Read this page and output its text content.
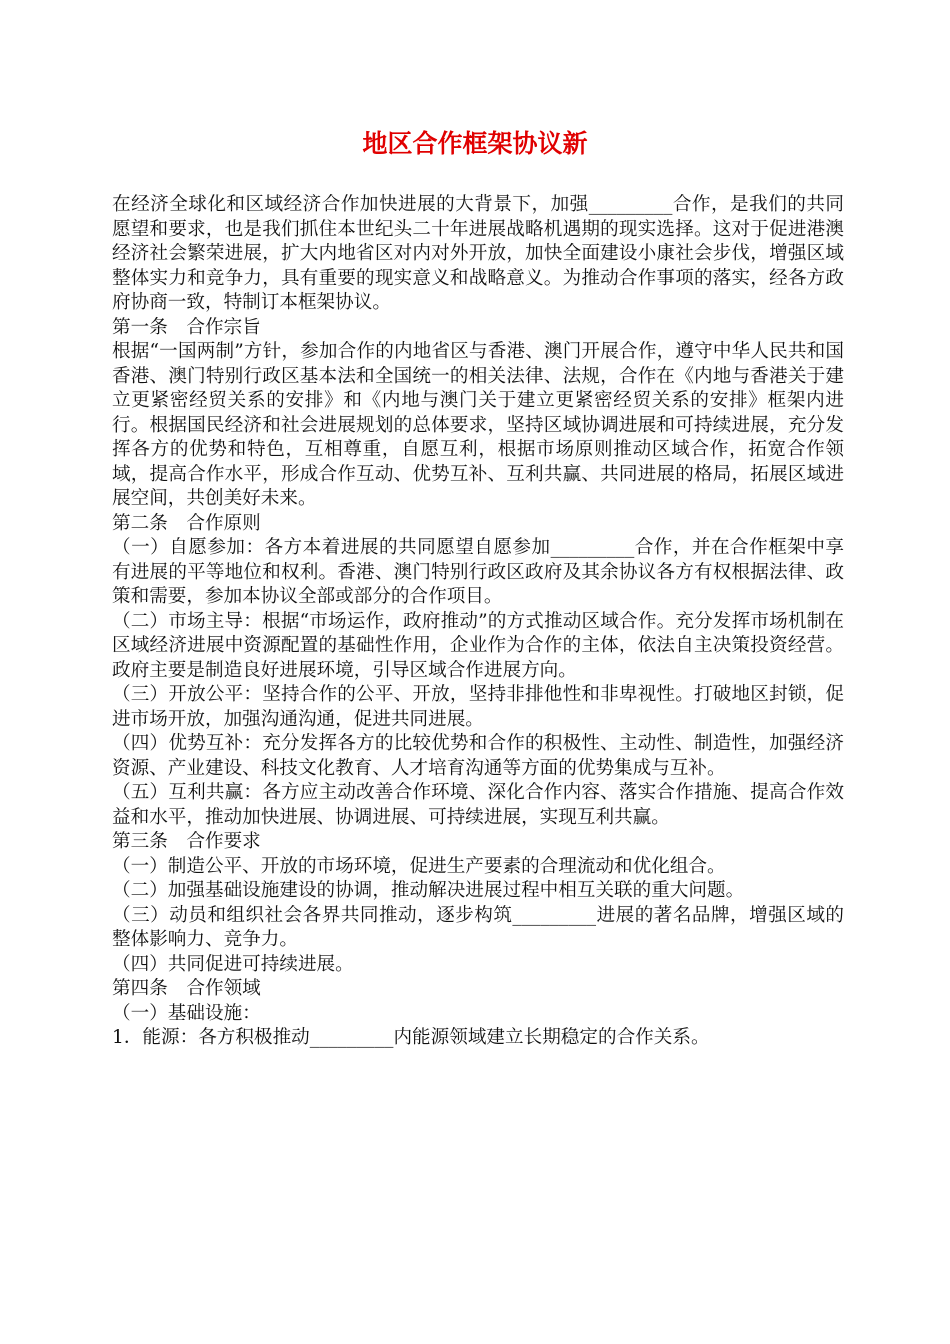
地区合作框架协议新

在经济全球化和区域经济合作加快进展的大背景下，加强_________合作，是我们的共同愿望和要求，也是我们抓住本世纪头二十年进展战略机遇期的现实选择。这对于促进港澳经济社会繁荣进展，扩大内地省区对内对外开放，加快全面建设小康社会步伐，增强区域整体实力和竞争力，具有重要的现实意义和战略意义。为推动合作事项的落实，经各方政府协商一致，特制订本框架协议。

第一条　合作宗旨

根据“一国两制”方针，参加合作的内地省区与香港、澳门开展合作，遵守中华人民共和国香港、澳门特别行政区基本法和全国统一的相关法律、法规，合作在《内地与香港关于建立更紧密经贸关系的安排》和《内地与澳门关于建立更紧密经贸关系的安排》框架内进行。根据国民经济和社会进展规划的总体要求，坚持区域协调进展和可持续进展，充分发挥各方的优势和特色，互相尊重，自愿互利，根据市场原则推动区域合作，拓宽合作领域，提高合作水平，形成合作互动、优势互补、互利共赢、共同进展的格局，拓展区域进展空间，共创美好未来。

第二条　合作原则

（一）自愿参加：各方本着进展的共同愿望自愿参加_________合作，并在合作框架中享有进展的平等地位和权利。香港、澳门特别行政区政府及其余协议各方有权根据法律、政策和需要，参加本协议全部或部分的合作项目。

（二）市场主导：根据“市场运作，政府推动”的方式推动区域合作。充分发挥市场机制在区域经济进展中资源配置的基础性作用，企业作为合作的主体，依法自主决策投资经营。政府主要是制造良好进展环境，引导区域合作进展方向。

（三）开放公平：坚持合作的公平、开放，坚持非排他性和非卑视性。打破地区封锁，促进市场开放，加强沟通沟通，促进共同进展。

（四）优势互补：充分发挥各方的比较优势和合作的积极性、主动性、制造性，加强经济资源、产业建设、科技文化教育、人才培育沟通等方面的优势集成与互补。

（五）互利共赢：各方应主动改善合作环境、深化合作内容、落实合作措施、提高合作效益和水平，推动加快进展、协调进展、可持续进展，实现互利共赢。

第三条　合作要求

（一）制造公平、开放的市场环境，促进生产要素的合理流动和优化组合。

（二）加强基础设施建设的协调，推动解决进展过程中相互关联的重大问题。

（三）动员和组织社会各界共同推动，逐步构筑_________进展的著名品牌，增强区域的整体影响力、竞争力。

（四）共同促进可持续进展。

第四条　合作领域

（一）基础设施：

1．能源：各方积极推动_________内能源领域建立长期稳定的合作关系。
